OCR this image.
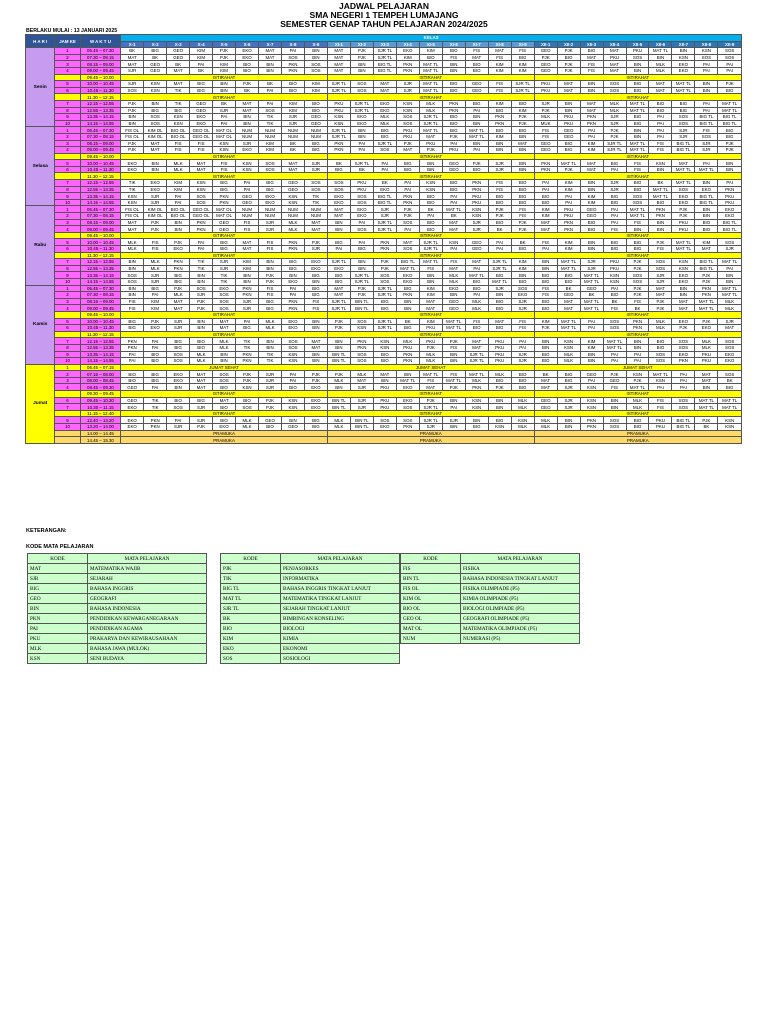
JADWAL PELAJARAN
SMA NEGERI 1 TEMPEH LUMAJANG
SEMESTER GENAP TAHUN PELAJARAN 2024/2025
BERLAKU MULAI : 13 JANUARI 2025
H A R I	JAM KE	W A K T U	KELAS																										
			X-1	X-2	X-3	X-4	X-5	X-6	X-7	X-8	X-9	XI-1	XI-2	XI-3	XI-4	XI-5	XI-6	XI-7	XI-8	XI-9	XII-1	XII-2	XII-3	XII-4	XII-5	XII-6	XII-7	XII-8	XII-9
Senin	1	06.45 – 07.30	BK	BIG	GEO	KIM	PJK	EKO	MAT	PAI	BIN	MAT	PJK	SJR TL	EKO	KIM	BIO	FIS	MAT	FIS	GEO	PJK	BIO	MAT	PKU	MAT TL	BIN	KSN	SOS
	2	07.30 – 08.15	MAT	BK	GEO	KIM	PJK	EKO	MAT	SOS	BIN	MAT	PJK	SJR TL	KIM	BIO	FIS	MAT	FIS	BIG	PJK	BIO	MAT	PKU	SOS	BIN	KSN	SOS	SOS
	3	08.15 – 09.00	MAT	GEO	BK	PAI	KIM	BIO	BIN	PKN	SOS	MAT	BIN	BIG TL	PKN	MAT TL	BIN	BIO	KIM	KIM	GEO	PJK	FIS	MAT	BIN	MLK	EKO	PAI	PAI
	4	09.00 – 09.45	SJR	GEO	MAT	BK	KIM	BIO	BIN	PKN	SOS	MAT	BIN	BIG TL	PKN	MAT TL	BIN	BIO	KIM	KIM	GEO	PJK	FIS	MAT	BIN	MLK	EKO	PAI	PAI
		09.45 – 10.00	ISTIRAHAT									ISTIRAHAT									ISTIRAHAT								
	5	10.00 – 10.45	SJR	KSN	MAT	BIG	BIN	PJK	BK	BIO	KIM	SJR TL	SOS	MAT	SJR	MAT TL	BIG	GEO	FIS	SJR TL	PKU	MAT	BIN	SOS	BIG	MAT	MAT TL	BIN	PJK
	6	10.45 – 11.30	SOS	KSN	TIK	BIG	BIN	BK	PAI	BIO	KIM	SJR TL	SOS	MAT	SJR	MAT TL	BIG	GEO	FIS	SJR TL	PKU	MAT	BIN	SOS	BIG	MAT	MAT TL	BIN	BIG
		11.30 – 12.15	ISTIRAHAT									ISTIRAHAT									ISTIRAHAT								
	7	12.15 – 12.55	PJK	BIN	TIK	GEO	BK	MAT	PAI	KIM	BIO	PKU	SJR TL	EKO	KSN	MLK	PKN	BIG	KIM	BIO	SJR	BIN	MAT	MLK	MAT TL	BIO	BIG	PAI	MAT TL
	8	12.55 – 13.35	PJK	BIG	BIG	GEO	SJR	MAT	SOS	KIM	BIO	PKU	SJR TL	EKO	KSN	MLK	PKN	PAI	BIG	KIM	PJK	BIN	MAT	MLK	MAT TL	BIO	BIG	PAI	MAT TL
	9	13.35 – 14.15	BIN	SOS	KSN	EKO	PAI	BIN	TIK	SJR	GEO	KSN	EKO	MLK	SOS	SJR TL	BIO	BIN	PKN	PJK	MLK	PKU	PKN	SJR	BIG	PAI	SOS	BIG TL	BIG TL
	10	14.15 – 14.55	BIN	SOS	KSN	EKO	PAI	BIN	TIK	SJR	GEO	KSN	EKO	MLK	SOS	SJR TL	BIO	BIN	PKN	PJK	MUK	PKU	PKN	SJR	BIG	PAI	SOS	BIG TL	BIG TL
Selasa	1	06.45 – 07.30	FIS OL	KIM OL	BIO OL	GEO OL	MAT OL	NUM	NUM	NUM	NUM	SJR TL	BIN	BIG	PKU	MAT TL	BIG	MAT TL	BIO	BIG	FIS	GEO	PAI	PJK	BIN	PAI	SJR	FIS	BIG
	2	07.30 – 08.15	FIS OL	KIM OL	BIO OL	GEO OL	MAT OL	NUM	NUM	NUM	NUM	SJR TL	BIN	BIG	PKU	MAT	PJK	MAT TL	KIM	BIN	FIS	GEO	PAI	PJK	BIN	PAI	SJR	SOS	BIG
	3	08.15 – 09.00	PJK	MAT	FIS	FIS	KSN	SJR	KIM	BK	BIG	PKN	PAI	SJR TL	PJK	PKU	PAI	BIN	BIN	MAT	GEO	BIG	KIM	SJR TL	MAT TL	FIS	BIG TL	SJR	PJK
	4	09.00 – 09.45	PJK	MAT	FIS	FIS	KSN	EKO	KIM	BK	BIG	PKN	PAI	SOS	MAT	PJK	PKU	PAI	BIN	BIN	GEO	BIG	KIM	SJR TL	MAT TL	FIS	BIG TL	SJR	PJK
		09.45 – 10.00	ISTIRAHAT									ISTIRAHAT									ISTIRAHAT								
	5	10.00 – 10.45	EKO	BIN	MLK	MAT	FIS	KSN	SOS	MAT	SJR	BK	SJR TL	PAI	BIG	BIN	GEO	PJK	SJR	BIN	PKN	MAT TL	MAT	BIG	FIS	KSN	MAT	PAI	BIN
	6	10.45 – 11.30	EKO	BIN	MLK	MAT	FIS	KSN	SOS	MAT	SJR	BIG	BK	PAI	BIG	BIN	GEO	BIO	SJR	BIN	PKN	PJK	MAT	PAI	FIS	BIN	MAT TL	MAT TL	BIN
		11.30 – 12.15	ISTIRAHAT									ISTIRAHAT									ISTIRAHAT								
	7	12.15 – 12.55	TIK	EKO	KIM	KSN	BIG	PAI	BIG	GEO	SOS	SOS	PKU	BK	PAI	KSN	BIG	PKN	FIS	BIO	PAI	KIM	BIN	SJR	BIO	BK	MAT TL	BIN	PAI
	8	12.55 – 13.35	TIK	EKO	KIM	KSN	BIG	PAI	BIG	GEO	SOS	SOS	PKU	EKO	PAI	KSN	BIG	PKN	FIS	BIO	PAI	KIM	BIN	SJR	BIO	MAT TL	SOS	EKO	PKN
	9	13.35 – 14.15	KSN	SJR	PAI	SOS	PKN	GEO	EKO	KSN	TIK	EKO	SOS	BIG TL	PKN	BIO	PAI	PKU	BIO	BIG	BIO	PAI	KIM	BIG	SOS	MAT TL	EKO	BIG TL	PKU
	10	14.15 – 14.55	KSN	SJR	PAI	SOS	PKN	GEO	EKO	KSN	TIK	EKO	SOS	BIG TL	PKN	BIO	PAI	PKU	BIO	BIG	BIO	PAI	KIM	BIG	SOS	BIO	EKO	BIG TL	PKU
Rabu	1	06.45 – 07.30	FIS OL	KIM OL	BIO OL	GEO OL	MAT OL	NUM	NUM	NUM	NUM	MAT	EKO	SJR	PJK	BK	MAT TL	KSN	PJK	FIS	KIM	PKU	GEO	PAI	MAT TL	PKN	PJK	BIN	EKO
	2	07.30 – 08.15	FIS OL	KIM OL	BIO OL	GEO OL	MAT OL	NUM	NUM	NUM	NUM	MAT	EKO	SJR	PJK	PAI	BK	KSN	PJK	FIS	KIM	PKU	GEO	PAI	MAT TL	PKN	PJK	BIN	EKO
	3	08.15 – 09.00	MAT	PJK	BIN	PKN	GEO	FIS	SJR	MLK	MAT	BIN	PAI	SJR TL	SOS	BIO	MAT	SJR	BIO	PJK	MAT	PKN	BIO	PAI	FIS	BIN	PKU	BIO	BIG TL
	4	09.00 – 09.45	MAT	PJK	BIN	PKN	GEO	FIS	SJR	MLK	MAT	BIN	SOS	SJR TL	PAI	BIO	MAT	SJR	BK	PJK	MAT	PKN	BIO	FIS	BIN	BIN	PKU	BIO	BIG TL
		09.45 – 10.00	ISTIRAHAT									ISTIRAHAT									ISTIRAHAT								
	5	10.00 – 10.45	MLK	FIS	PJK	PAI	BIG	MAT	FIS	PKN	PJK	BIG	PAI	PKN	MAT	SJR TL	KSN	GEO	PAI	BK	FIS	KIM	BIN	BIG	BIG	PJK	MAT TL	KIM	SOS
	6	10.45 – 11.30	MLK	FIS	EKO	PAI	BIG	MAT	FIS	PKN	SJR	PAI	BIG	PKN	SOS	SJR TL	PAI	GEO	PAI	BIG	PAI	KIM	BIN	BIG	BIG	FIS	MAT TL	MAT	SJR
		11.30 – 12.15	ISTIRAHAT									ISTIRAHAT									ISTIRAHAT								
	7	12.15 – 12.55	BIN	MLK	PKN	TIK	SJR	KIM	BIN	BIG	EKO	SJR TL	BIN	PJK	BIG TL	MAT TL	FIS	MAT	SJR TL	KIM	BIN	MAT TL	SJR	PKU	PJK	SOS	KSN	BIG TL	MAT TL
	8	12.55 – 13.35	BIN	MLK	PKN	TIK	SJR	KIM	BIN	BIG	EKO	EKO	BIN	PJK	MAT TL	FIS	MAT	PAI	SJR TL	KIM	BIN	MAT TL	SJR	PKU	PJK	SOS	KSN	BIG TL	PAI
	9	13.35 – 14.15	SOS	SJR	BIG	BIN	TIK	BIN	PJK	BIN	BIG	BIG	SJR TL	SOS	EKO	BIN	MLK	MAT TL	BIG	BIN	BIG	BIO	MAT TL	KSN	SOS	SJR	EKO	PJK	BIN
	10	14.15 – 14.55	SOS	SJR	BIG	BIN	TIK	BIN	PJK	EKO	BIN	BIG	SJR TL	SOS	EKO	BIN	MLK	BIG	MAT TL	BIO	BIG	BIO	MAT TL	KSN	SOS	SJR	EKO	PJK	BIN
Kamis	1	06.45 – 07.30	BIN	BIG	PJK	SOS	EKO	PKN	FIS	PAI	BIG	MAT	PJK	SJR TL	BIG	KIM	EKO	BIO	SJR	SOS	FIS	BK	GEO	PAI	PJK	MAT	BIN	PKN	MAT TL
	2	07.30 – 08.15	BIN	PAI	MLK	SJR	SOS	PKN	FIS	PAI	BIG	MAT	PJK	SJR TL	PKN	KIM	BIN	PAI	BIN	EKO	FIS	GEO	BK	BIO	PJK	MAT	BIN	PKN	MAT TL
	3	08.15 – 09.00	FIS	KIM	MAT	PJK	SOS	SJR	BIG	PKN	FIS	SJR TL	BIN TL	BIG	BIN	MAT	GEO	MLK	BIO	SJR	BIO	MAT	MAT TL	BK	FIS	PJK	MAT	MAT TL	MLK
	4	09.00 – 09.45	FIS	KIM	MAT	PJK	SOS	SJR	BIG	PKN	FIS	SJR TL	BIN TL	BIG	BIN	MAT	GEO	MLK	BIO	SJR	BIO	MAT	MAT TL	FIS	BK	PJK	MAT	MAT TL	MLK
		09.45 – 10.00	ISTIRAHAT									ISTIRAHAT									ISTIRAHAT								
	5	10.00 – 10.45	BIG	PJK	SJR	BIN	MAT	PAI	MLK	EKO	BIN	PJK	SOS	SJR TL	BK	KIM	MAT TL	FIS	MAT	FIS	KIM	MAT TL	PAI	SOS	PKN	MLK	EKO	PJK	SJR
	6	10.45 – 11.30	BIG	EKO	SJR	BIN	MAT	BIG	MLK	EKO	BIN	PJK	KSN	SJR TL	BIG	PKU	MAT TL	BIO	BIG	FIS	PJK	MAT TL	PAI	SOS	PKN	MLK	PJK	EKO	MAT
		11.30 – 12.15	ISTIRAHAT									ISTIRAHAT									ISTIRAHAT								
	7	12.15 – 12.55	PKN	PAI	BIG	BIO	MLK	TIK	BIN	SOS	MAT	BIN	PKN	KSN	MLK	PKU	PJK	MAT	PKU	PAI	BIN	KSN	KIM	MAT TL	BIN	BIO	SOS	MLK	SOS
	8	12.55 – 13.35	PKN	PAI	BIG	BIO	MLK	TIK	BIN	SOS	MAT	BIN	PKN	KSN	PKU	PJK	FIS	MAT	PKU	PAI	BIN	KSN	KIM	MAT TL	BIN	BIO	SOS	MLK	SOS
	9	13.35 – 14.15	PAI	BIO	SOS	MLK	BIN	PKN	TIK	KSN	BIN	BIN TL	SOS	BIO	PKN	MLK	BIN	SJR TL	PKU	SJR	BIO	MLK	BIN	PAI	PAI	SOS	EKO	PKU	EKO
	10	14.15 – 14.55	PAI	BIO	SOS	MLK	BIN	PKN	TIK	KSN	BIN	BIN TL	SOS	BIO	PKN	MLK	BIN	SJR TL	PKU	SJR	BIO	MLK	BIN	PAI	PAI	SOS	PKN	PKU	EKO
Jumat	1	06.45 – 07.15	JUMAT SEHAT									JUMAT SEHAT									JUMAT SEHAT								
	2	07.15 – 08.00	BIO	BIG	EKO	MAT	SOS	PJK	SJR	PAI	PJK	PJK	MLK	MAT	BIN	MAT TL	FIS	MAT TL	MLK	BIO	BK	BIG	GEO	PJK	KSN	MAT TL	PAI	MAT	SOS
	3	08.00 – 08.45	BIO	BIG	EKO	MAT	SOS	PJK	SJR	PAI	PJK	MLK	MAT	BIN	MAT TL	FIS	MAT TL	MLK	BIO	BIO	MAT	BIG	PAI	GEO	PJK	KSN	PAI	MAT	BK
	4	08.45 – 09.30	GEO	PAI	BIN	MAT	BIO	KSN	SJR	BIO	EKO	BIN	SJR	PKU	EKO	MAT	PJK	PKN	PJK	BIG	MAT	SJR	KSN	FIS	MAT TL	PAI	PAI	BIN	BIG
		09.30 – 09.45	ISTIRAHAT									ISTIRAHAT									ISTIRAHAT								
	6	09.45 – 10.30	GEO	TIK	BIO	BIG	MAT	BIO	PJK	KSN	EKO	BIN TL	SJR	PKU	EKO	PJK	BIN	KSN	BIN	MLK	GEO	SJR	KSN	BIN	MLK	FIS	SOS	MAT TL	MAT TL
	7	10.30 – 11.15	EKO	TIK	SOS	SJR	BIO	SOS	PJK	KSN	EKO	BIN TL	SJR	PKU	SOS	SJR TL	PAI	KSN	BIN	MLK	GEO	SJR	KSN	BIN	MLK	FIS	SOS	MAT TL	MAT TL
		11.15 – 12.40	ISTIRAHAT									ISTIRAHAT									ISTIRAHAT								
	9	12.40 – 13.20	EKO	PKN	PAI	SJR	BIO	MLK	GEO	BIN	BIG	MLK	BIN TL	SOS	SOS	SJR TL	SJR	BIN	BIG	KSN	MLK	BIN	PKN	SOS	BIO	PKU	BIG TL	PJK	KSN
	10	13.20 – 14.00	EKO	PKN	SJR	PJK	EKO	MLK	BIO	GEO	BIG	MLK	BIN TL	EKO	PKN	SJR	BIN	BIG	KSN	MLK	MLK	BIN	PKN	SOS	BIO	PKU	BIG TL	BK	KSN
		14.00 – 14.45	PRAMUKA									PRAMUKA									PRAMUKA								
		14.45 – 15.30	PRAMUKA									PRAMUKA									PRAMUKA								
KETERANGAN:
KODE MATA PELAJARAN
KODE	MATA PELAJARAN
MAT	MATEMATIKA WAJIB
SJR	SEJARAH
BIG	BAHASA INGGRIS
GEO	GEOGRAFI
BIN	BAHASA INDONESIA
PKN	PENDIDIKAN KEWARGANEGARAAN
PAI	PENDIDIKAN AGAMA
PKU	PRAKARYA DAN KEWIRAUSAHAAN
MLK	BAHASA JAWA (MULOK)
KSN	SENI BUDAYA
KODE	MATA PELAJARAN
PJK	PENJASORKES
TIK	INFORMATIKA
BIG TL	BAHASA INGGRIS TINGKAT LANJUT
MAT TL	MATEMATIKA TINGKAT LANJUT
SJR TL	SEJARAH TINGKAT LANJUT
BK	BIMBINGAN KONSELING
BIO	BIOLOGI
KIM	KIMIA
EKO	EKONOMI
SOS	SOSIOLOGI
KODE	MATA PELAJARAN
FIS	FISIKA
BIN TL	BAHASA INDONESIA TINGKAT LANJUT
FIS OL	FISIKA OLIMPIADE (P5)
KIM OL	KIMIA OLIMPIADE (P5)
BIO OL	BIOLOGI OLIMPIADE (P5)
GEO OL	GEOGRAFI OLIMPIADE (P5)
MAT OL	MATEMATIKA OLIMPIADE (P5)
NUM	NUMERASI (P5)
